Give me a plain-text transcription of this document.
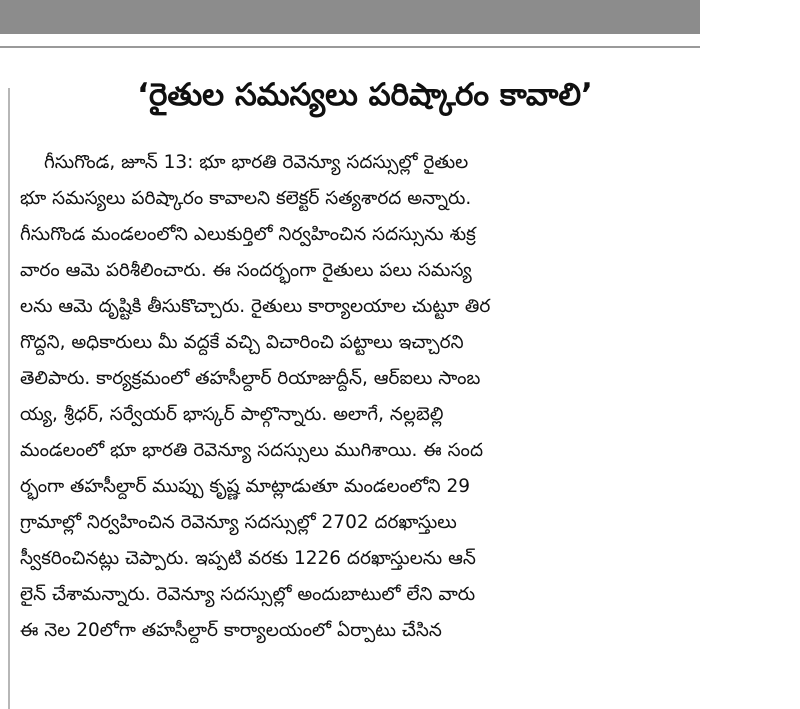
‘రైతుల సమస్యలు పరిష్కారం కావాలి’
గీసుగొండ, జూన్ 13: భూ భారతి రెవెన్యూ సదస్సుల్లో రైతుల
భూ సమస్యలు పరిష్కారం కావాలని కలెక్టర్ సత్యశారద అన్నారు.
గీసుగొండ మండలంలోని ఎలుకుర్తిలో నిర్వహించిన సదస్సును శుక్ర
వారం ఆమె పరిశీలించారు. ఈ సందర్భంగా రైతులు పలు సమస్య
లను ఆమె దృష్టికి తీసుకొచ్చారు. రైతులు కార్యాలయాల చుట్టూ తిర
గొద్దని, అధికారులు మీ వద్దకే వచ్చి విచారించి పట్టాలు ఇచ్చారని
తెలిపారు. కార్యక్రమంలో తహసీల్దార్ రియాజుద్దీన్, ఆర్ఐలు సాంబ
య్య, శ్రీధర్, సర్వేయర్ భాస్కర్ పాల్గొన్నారు. అలాగే, నల్లబెల్లి
మండలంలో భూ భారతి రెవెన్యూ సదస్సులు ముగిశాయి. ఈ సంద
ర్భంగా తహసీల్దార్ ముప్పు కృష్ణ మాట్లాడుతూ మండలంలోని 29
గ్రామాల్లో నిర్వహించిన రెవెన్యూ సదస్సుల్లో 2702 దరఖాస్తులు
స్వీకరించినట్లు చెప్పారు. ఇప్పటి వరకు 1226 దరఖాస్తులను ఆన్
లైన్ చేశామన్నారు. రెవెన్యూ సదస్సుల్లో అందుబాటులో లేని వారు
ఈ నెల 20లోగా తహసీల్దార్ కార్యాలయంలో ఏర్పాటు చేసిన
